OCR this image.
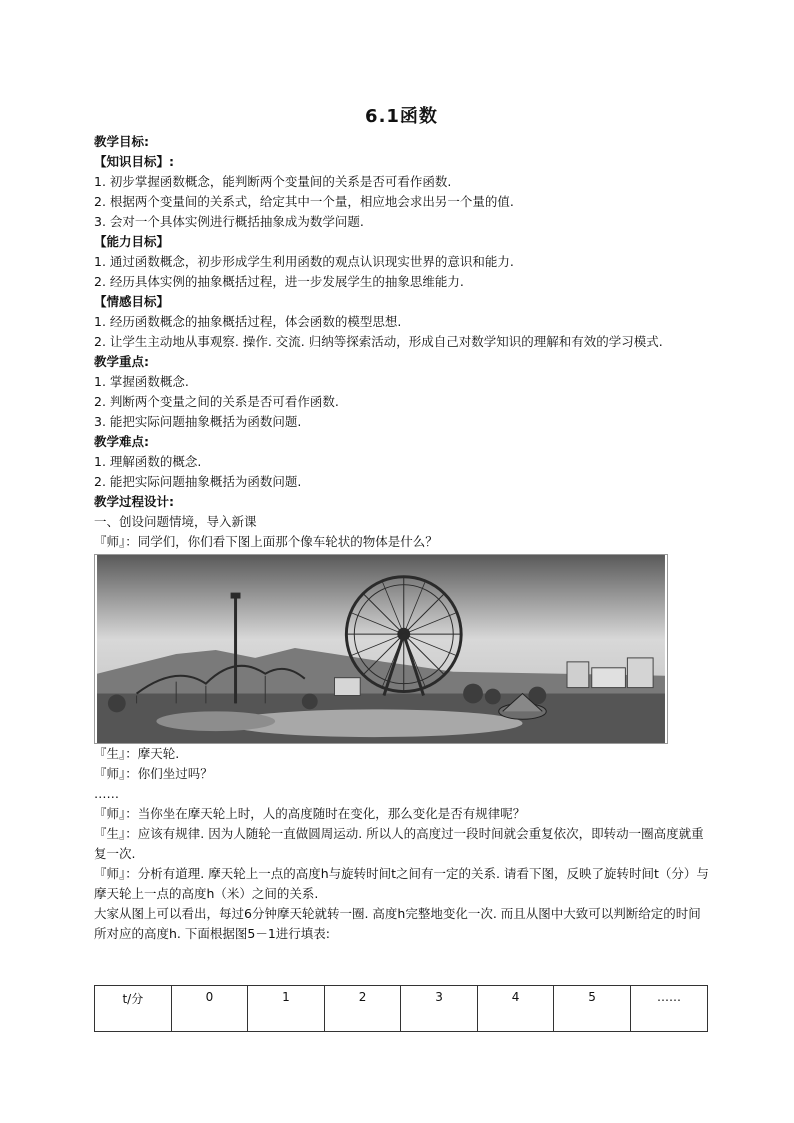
6.1函数
教学目标:
【知识目标】:
1. 初步掌握函数概念，能判断两个变量间的关系是否可看作函数.
2. 根据两个变量间的关系式，给定其中一个量，相应地会求出另一个量的值.
3. 会对一个具体实例进行概括抽象成为数学问题.
【能力目标】
1. 通过函数概念，初步形成学生利用函数的观点认识现实世界的意识和能力.
2. 经历具体实例的抽象概括过程，进一步发展学生的抽象思维能力.
【情感目标】
1. 经历函数概念的抽象概括过程，体会函数的模型思想.
2. 让学生主动地从事观察. 操作. 交流. 归纳等探索活动，形成自己对数学知识的理解和有效的学习模式.
教学重点:
1. 掌握函数概念.
2. 判断两个变量之间的关系是否可看作函数.
3. 能把实际问题抽象概括为函数问题.
教学难点:
1. 理解函数的概念.
2. 能把实际问题抽象概括为函数问题.
教学过程设计:
一、创设问题情境，导入新课
『师』：同学们，你们看下图上面那个像车轮状的物体是什么？
『生』：摩天轮.
『师』：你们坐过吗？
……
『师』：当你坐在摩天轮上时，人的高度随时在变化，那么变化是否有规律呢？
『生』：应该有规律. 因为人随轮一直做圆周运动. 所以人的高度过一段时间就会重复依次，即转动一圈高度就重复一次.
『师』：分析有道理. 摩天轮上一点的高度h与旋转时间t之间有一定的关系. 请看下图，反映了旋转时间t（分）与摩天轮上一点的高度h（米）之间的关系.
大家从图上可以看出，每过6分钟摩天轮就转一圈. 高度h完整地变化一次. 而且从图中大致可以判断给定的时间所对应的高度h. 下面根据图5－1进行填表:
t/分	0	1	2	3	4	5	……
